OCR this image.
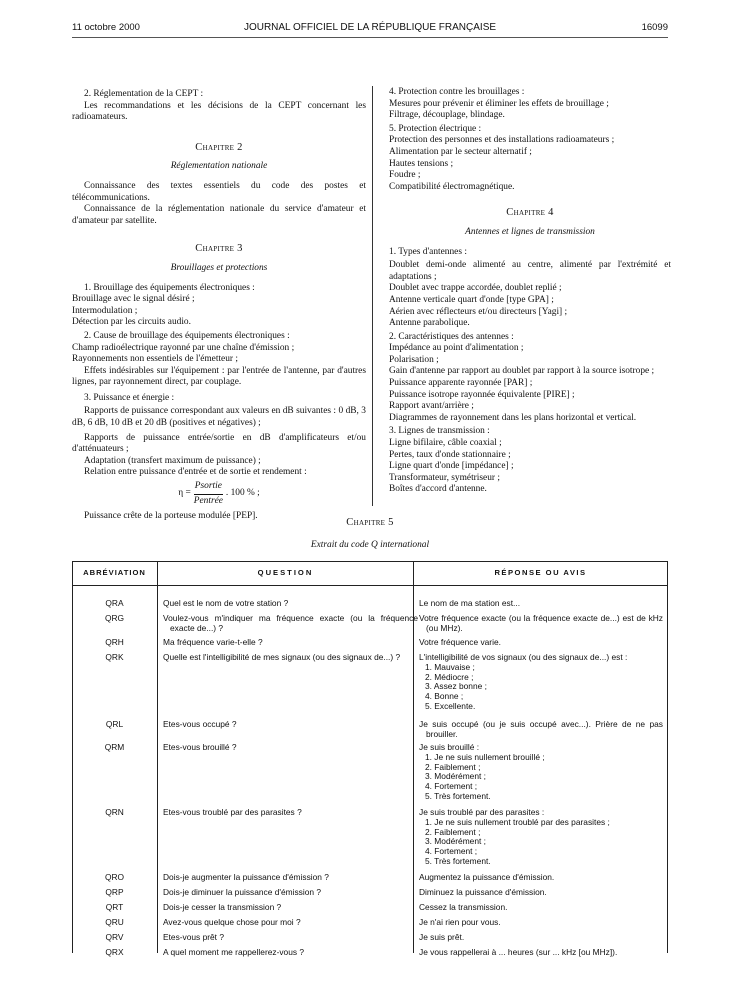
11 octobre 2000	JOURNAL OFFICIEL DE LA RÉPUBLIQUE FRANÇAISE	16099

2. Réglementation de la CEPT :

Les recommandations et les décisions de la CEPT concernant les radioamateurs.

Chapitre 2
Réglementation nationale

Connaissance des textes essentiels du code des postes et télécommunications.

Connaissance de la réglementation nationale du service d'amateur et d'amateur par satellite.

Chapitre 3
Brouillages et protections

1. Brouillage des équipements électroniques :

Brouillage avec le signal désiré ;

Intermodulation ;

Détection par les circuits audio.

2. Cause de brouillage des équipements électroniques :

Champ radioélectrique rayonné par une chaîne d'émission ;

Rayonnements non essentiels de l'émetteur ;

Effets indésirables sur l'équipement : par l'entrée de l'antenne, par d'autres lignes, par rayonnement direct, par couplage.

3. Puissance et énergie :

Rapports de puissance correspondant aux valeurs en dB suivantes : 0 dB, 3 dB, 6 dB, 10 dB et 20 dB (positives et négatives) ;

Rapports de puissance entrée/sortie en dB d'amplificateurs et/ou d'atténuateurs ;

Adaptation (transfert maximum de puissance) ;

Relation entre puissance d'entrée et de sortie et rendement :

$\eta = \frac{\text{Psortie}}{\text{Pentrée}}$ . 100 % ;

Puissance crête de la porteuse modulée [PEP].

4. Protection contre les brouillages :

Mesures pour prévenir et éliminer les effets de brouillage ;

Filtrage, découplage, blindage.

5. Protection électrique :

Protection des personnes et des installations radioamateurs ;

Alimentation par le secteur alternatif ;

Hautes tensions ;

Foudre ;

Compatibilité électromagnétique.

Chapitre 4
Antennes et lignes de transmission

1. Types d'antennes :

Doublet demi-onde alimenté au centre, alimenté par l'extrémité et adaptations ;

Doublet avec trappe accordée, doublet replié ;

Antenne verticale quart d'onde [type GPA] ;

Aérien avec réflecteurs et/ou directeurs [Yagi] ;

Antenne parabolique.

2. Caractéristiques des antennes :

Impédance au point d'alimentation ;

Polarisation ;

Gain d'antenne par rapport au doublet par rapport à la source isotrope ;

Puissance apparente rayonnée [PAR] ;

Puissance isotrope rayonnée équivalente [PIRE] ;

Rapport avant/arrière ;

Diagrammes de rayonnement dans les plans horizontal et vertical.

3. Lignes de transmission :

Ligne bifilaire, câble coaxial ;

Pertes, taux d'onde stationnaire ;

Ligne quart d'onde [impédance] ;

Transformateur, symétriseur ;

Boîtes d'accord d'antenne.

Chapitre 5
Extrait du code Q international
ABRÉVIATION	QUESTION	RÉPONSE OU AVIS
QRA	Quel est le nom de votre station ?	Le nom de ma station est...
QRG	Voulez-vous m'indiquer ma fréquence exacte (ou la fréquence exacte de...) ?
Votre fréquence exacte (ou la fréquence exacte de...) est de kHz (ou MHz).
QRH	Ma fréquence varie-t-elle ?	Votre fréquence varie.
QRK	Quelle est l'intelligibilité de mes signaux (ou des signaux de...) ?	L'intelligibilité de vos signaux (ou des signaux de...) est :
1. Mauvaise ;
2. Médiocre ;
3. Assez bonne ;
4. Bonne ;
5. Excellente.
QRL	Etes-vous occupé ?	Je suis occupé (ou je suis occupé avec...). Prière de ne pas brouiller.
QRM	Etes-vous brouillé ?	Je suis brouillé :
1. Je ne suis nullement brouillé ;
2. Faiblement ;
3. Modérément ;
4. Fortement ;
5. Très fortement.
QRN	Etes-vous troublé par des parasites ?	Je suis troublé par des parasites :
1. Je ne suis nullement troublé par des parasites ;
2. Faiblement ;
3. Modérément ;
4. Fortement ;
5. Très fortement.
QRO	Dois-je augmenter la puissance d'émission ?	Augmentez la puissance d'émission.
QRP	Dois-je diminuer la puissance d'émission ?	Diminuez la puissance d'émission.
QRT	Dois-je cesser la transmission ?	Cessez la transmission.
QRU	Avez-vous quelque chose pour moi ?	Je n'ai rien pour vous.
QRV	Etes-vous prêt ?	Je suis prêt.
QRX	A quel moment me rappellerez-vous ?	Je vous rappellerai à ... heures (sur ... kHz [ou MHz]).
